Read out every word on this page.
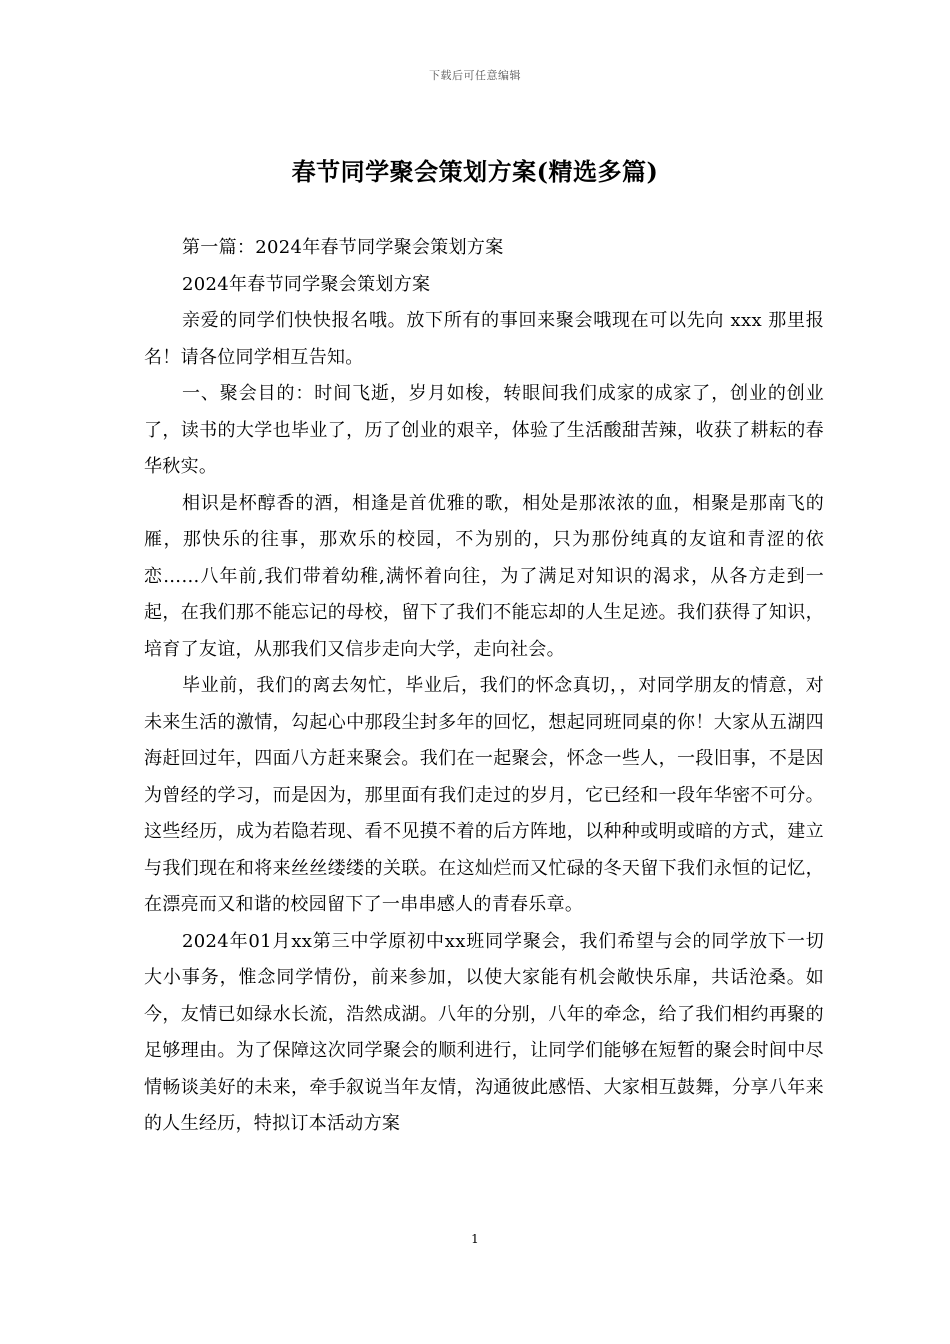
下载后可任意编辑
春节同学聚会策划方案(精选多篇)

第一篇：2024年春节同学聚会策划方案

2024年春节同学聚会策划方案

亲爱的同学们快快报名哦。放下所有的事回来聚会哦现在可以先向 xxx 那里报名！请各位同学相互告知。

一、聚会目的：时间飞逝，岁月如梭，转眼间我们成家的成家了，创业的创业了，读书的大学也毕业了，历了创业的艰辛，体验了生活酸甜苦辣，收获了耕耘的春华秋实。

相识是杯醇香的酒，相逢是首优雅的歌，相处是那浓浓的血，相聚是那南飞的雁，那快乐的往事，那欢乐的校园，不为别的，只为那份纯真的友谊和青涩的依恋……八年前,我们带着幼稚,满怀着向往，为了满足对知识的渴求，从各方走到一起，在我们那不能忘记的母校，留下了我们不能忘却的人生足迹。我们获得了知识，培育了友谊，从那我们又信步走向大学，走向社会。

毕业前，我们的离去匆忙，毕业后，我们的怀念真切，，对同学朋友的情意，对未来生活的激情，勾起心中那段尘封多年的回忆，想起同班同桌的你！大家从五湖四海赶回过年，四面八方赶来聚会。我们在一起聚会，怀念一些人，一段旧事，不是因为曾经的学习，而是因为，那里面有我们走过的岁月，它已经和一段年华密不可分。这些经历，成为若隐若现、看不见摸不着的后方阵地，以种种或明或暗的方式，建立与我们现在和将来丝丝缕缕的关联。在这灿烂而又忙碌的冬天留下我们永恒的记忆，在漂亮而又和谐的校园留下了一串串感人的青春乐章。

2024年01月xx第三中学原初中xx班同学聚会，我们希望与会的同学放下一切大小事务，惟念同学情份，前来参加，以使大家能有机会敞快乐扉，共话沧桑。如今，友情已如绿水长流，浩然成湖。八年的分别，八年的牵念，给了我们相约再聚的足够理由。为了保障这次同学聚会的顺利进行，让同学们能够在短暂的聚会时间中尽情畅谈美好的未来，牵手叙说当年友情，沟通彼此感悟、大家相互鼓舞，分享八年来的人生经历，特拟订本活动方案

1
